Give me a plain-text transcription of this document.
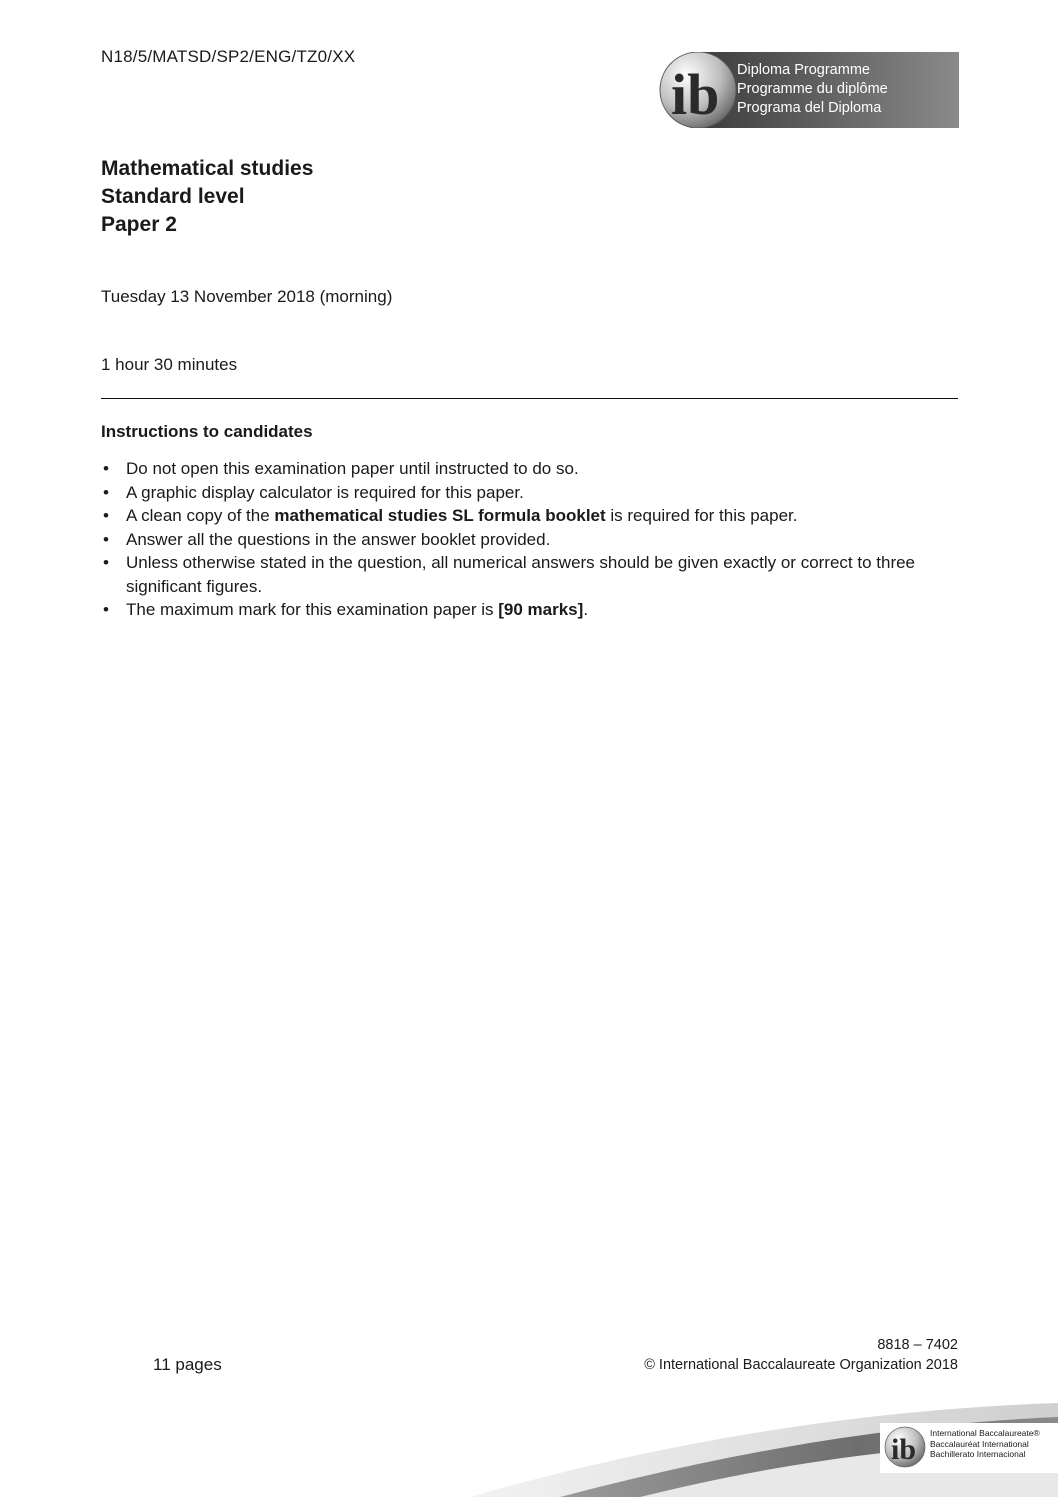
N18/5/MATSD/SP2/ENG/TZ0/XX
ib Diploma Programme
Programme du diplôme
Programa del Diploma
Mathematical studies
Standard level
Paper 2
Tuesday 13 November 2018 (morning)
1 hour 30 minutes
Instructions to candidates
• Do not open this examination paper until instructed to do so.
• A graphic display calculator is required for this paper.
• A clean copy of the mathematical studies SL formula booklet is required for this paper.
• Answer all the questions in the answer booklet provided.
• Unless otherwise stated in the question, all numerical answers should be given exactly or correct to three significant figures.
• The maximum mark for this examination paper is [90 marks].
11 pages
8818 – 7402
© International Baccalaureate Organization 2018
ib International Baccalaureate®
Baccalauréat International
Bachillerato Internacional
